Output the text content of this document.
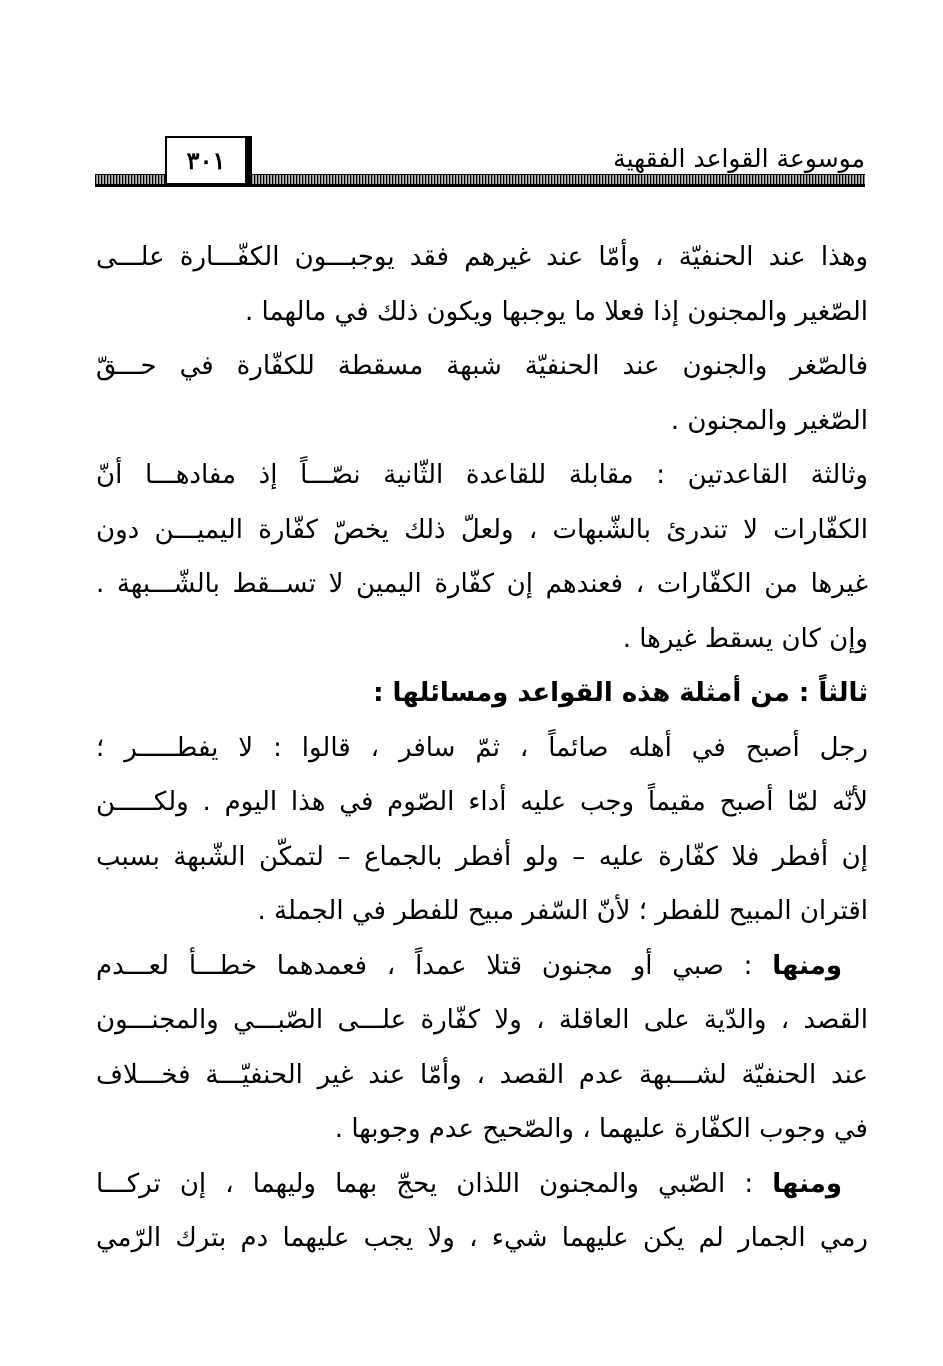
٣٠١	موسوعة القواعد الفقهية
وهذا عند الحنفيّة ، وأمّا عند غيرهم فقد يوجبـــون الكفّـــارة علـــى
الصّغير والمجنون إذا فعلا ما يوجبها ويكون ذلك في مالهما .
فالصّغر والجنون عند الحنفيّة شبهة مسقطة للكفّارة في حـــقّ
الصّغير والمجنون .
وثالثة القاعدتين : مقابلة للقاعدة الثّانية نصّـــاً إذ مفادهـــا أنّ
الكفّارات لا تندرئ بالشّبهات ، ولعلّ ذلك يخصّ كفّارة اليميـــن دون
غيرها من الكفّارات ، فعندهم إن كفّارة اليمين لا تســقط بالشّـــبهة .
وإن كان يسقط غيرها .
ثالثاً : من أمثلة هذه القواعد ومسائلها :
رجل أصبح في أهله صائماً ، ثمّ سافر ، قالوا : لا يفطـــــر ؛
لأنّه لمّا أصبح مقيماً وجب عليه أداء الصّوم في هذا اليوم . ولكـــــن
إن أفطر فلا كفّارة عليه – ولو أفطر بالجماع – لتمكّن الشّبهة بسبب
اقتران المبيح للفطر ؛ لأنّ السّفر مبيح للفطر في الجملة .
 ومنها : صبي أو مجنون قتلا عمداً ، فعمدهما خطـــأ لعـــدم
القصد ، والدّية على العاقلة ، ولا كفّارة علـــى الصّبـــي والمجنـــون
عند الحنفيّة لشـــبهة عدم القصد ، وأمّا عند غير الحنفيّـــة فخـــلاف
في وجوب الكفّارة عليهما ، والصّحيح عدم وجوبها .
 ومنها : الصّبي والمجنون اللذان يحجّ بهما وليهما ، إن تركـــا
رمي الجمار لم يكن عليهما شيء ، ولا يجب عليهما دم بترك الرّمي
